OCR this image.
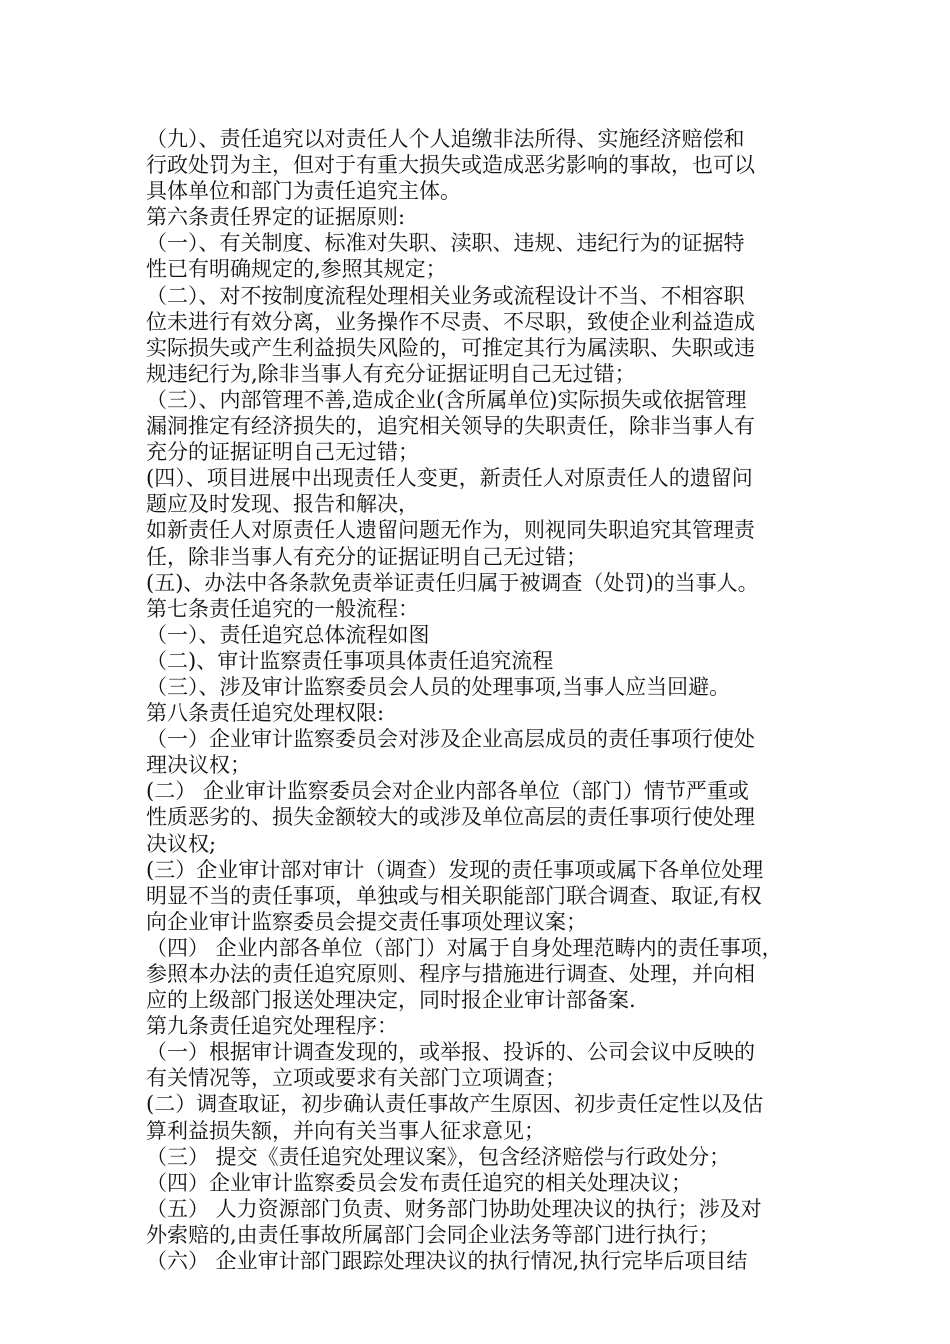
（九）、责任追究以对责任人个人追缴非法所得、实施经济赔偿和

行政处罚为主，但对于有重大损失或造成恶劣影响的事故，也可以

具体单位和部门为责任追究主体。

第六条责任界定的证据原则:

（一）、有关制度、标准对失职、渎职、违规、违纪行为的证据特

性已有明确规定的,参照其规定；

（二）、对不按制度流程处理相关业务或流程设计不当、不相容职

位未进行有效分离，业务操作不尽责、不尽职，致使企业利益造成

实际损失或产生利益损失风险的，可推定其行为属渎职、失职或违

规违纪行为,除非当事人有充分证据证明自己无过错；

（三）、内部管理不善,造成企业(含所属单位)实际损失或依据管理

漏洞推定有经济损失的，追究相关领导的失职责任，除非当事人有

充分的证据证明自己无过错；

(四）、项目进展中出现责任人变更，新责任人对原责任人的遗留问

题应及时发现、报告和解决，

如新责任人对原责任人遗留问题无作为，则视同失职追究其管理责

任，除非当事人有充分的证据证明自己无过错；

(五)、办法中各条款免责举证责任归属于被调查（处罚)的当事人。

第七条责任追究的一般流程：

（一）、责任追究总体流程如图

（二)、审计监察责任事项具体责任追究流程

（三）、涉及审计监察委员会人员的处理事项,当事人应当回避。

第八条责任追究处理权限:

（一）企业审计监察委员会对涉及企业高层成员的责任事项行使处

理决议权；

(二） 企业审计监察委员会对企业内部各单位（部门）情节严重或

性质恶劣的、损失金额较大的或涉及单位高层的责任事项行使处理

决议权;

(三）企业审计部对审计（调查）发现的责任事项或属下各单位处理

明显不当的责任事项，单独或与相关职能部门联合调查、取证,有权

向企业审计监察委员会提交责任事项处理议案；

（四） 企业内部各单位（部门）对属于自身处理范畴内的责任事项，

参照本办法的责任追究原则、程序与措施进行调查、处理，并向相

应的上级部门报送处理决定，同时报企业审计部备案.

第九条责任追究处理程序：

（一）根据审计调查发现的，或举报、投诉的、公司会议中反映的

有关情况等，立项或要求有关部门立项调查；

(二）调查取证，初步确认责任事故产生原因、初步责任定性以及估

算利益损失额，并向有关当事人征求意见；

（三） 提交《责任追究处理议案》，包含经济赔偿与行政处分；

（四）企业审计监察委员会发布责任追究的相关处理决议；

（五） 人力资源部门负责、财务部门协助处理决议的执行；涉及对

外索赔的,由责任事故所属部门会同企业法务等部门进行执行；

（六） 企业审计部门跟踪处理决议的执行情况,执行完毕后项目结
